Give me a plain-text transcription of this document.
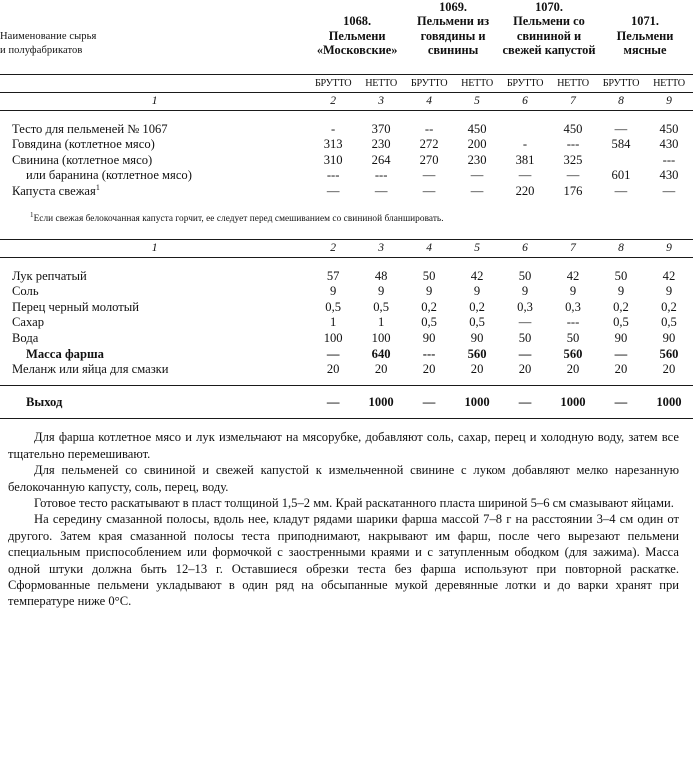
Наименование сырья
и полуфабрикатов

1068.
Пельмени «Московские»	
1069.
Пельмени из говядины и свинины	
1070.
Пельмени со свининой и свежей капустой	
1071.
Пельмени мясные

	БРУТТО	НЕТТО	БРУТТО	НЕТТО	БРУТТО	НЕТТО	БРУТТО	НЕТТО

1	2	3	4	5	6	7	8	9

Тесто для пельменей № 1067	-	370	--	450		450	—	450
Говядина (котлетное мясо)	313	230	272	200	-	---	584	430
Свинина (котлетное мясо)	310	264	270	230	381	325		---
или баранина (котлетное мясо)	---	---	—	—	—	—	601	430
Капуста свежая$^1$	—	—	—	—	220	176	—	—
$^1$Если свежая белокочанная капуста горчит, ее следует перед смешиванием со свининой бланшировать.

1	2	3	4	5	6	7	8	9

Лук репчатый	57	48	50	42	50	42	50	42
Соль	9	9	9	9	9	9	9	9
Перец черный молотый	0,5	0,5	0,2	0,2	0,3	0,3	0,2	0,2
Сахар	1	1	0,5	0,5	—	---	0,5	0,5
Вода	100	100	90	90	50	50	90	90
Масса фарша	—	640	---	560	—	560	—	560
Меланж или яйца для смазки	20	20	20	20	20	20	20	20

Выход	—	1000	—	1000	—	1000	—	1000

Для фарша котлетное мясо и лук измельчают на мясорубке, добавляют соль, сахар, перец и холодную воду, затем все тщательно перемешивают.

Для пельменей со свининой и свежей капустой к измельченной свинине с луком добавляют мелко нарезанную белокочанную капусту, соль, перец, воду.

Готовое тесто раскатывают в пласт толщиной 1,5–2 мм. Край раскатанного пласта шириной 5–6 см смазывают яйцами.

На середину смазанной полосы, вдоль нее, кладут рядами шарики фарша массой 7–8 г на расстоянии 3–4 см один от другого. Затем края смазанной полосы теста приподнимают, накрывают им фарш, после чего вырезают пельмени специальным приспособлением или формочкой с заостренными краями и с затупленным ободком (для зажима). Масса одной штуки должна быть 12–13 г. Оставшиеся обрезки теста без фарша используют при повторной раскатке. Сформованные пельмени укладывают в один ряд на обсыпанные мукой деревянные лотки и до варки хранят при температуре ниже 0°С.
